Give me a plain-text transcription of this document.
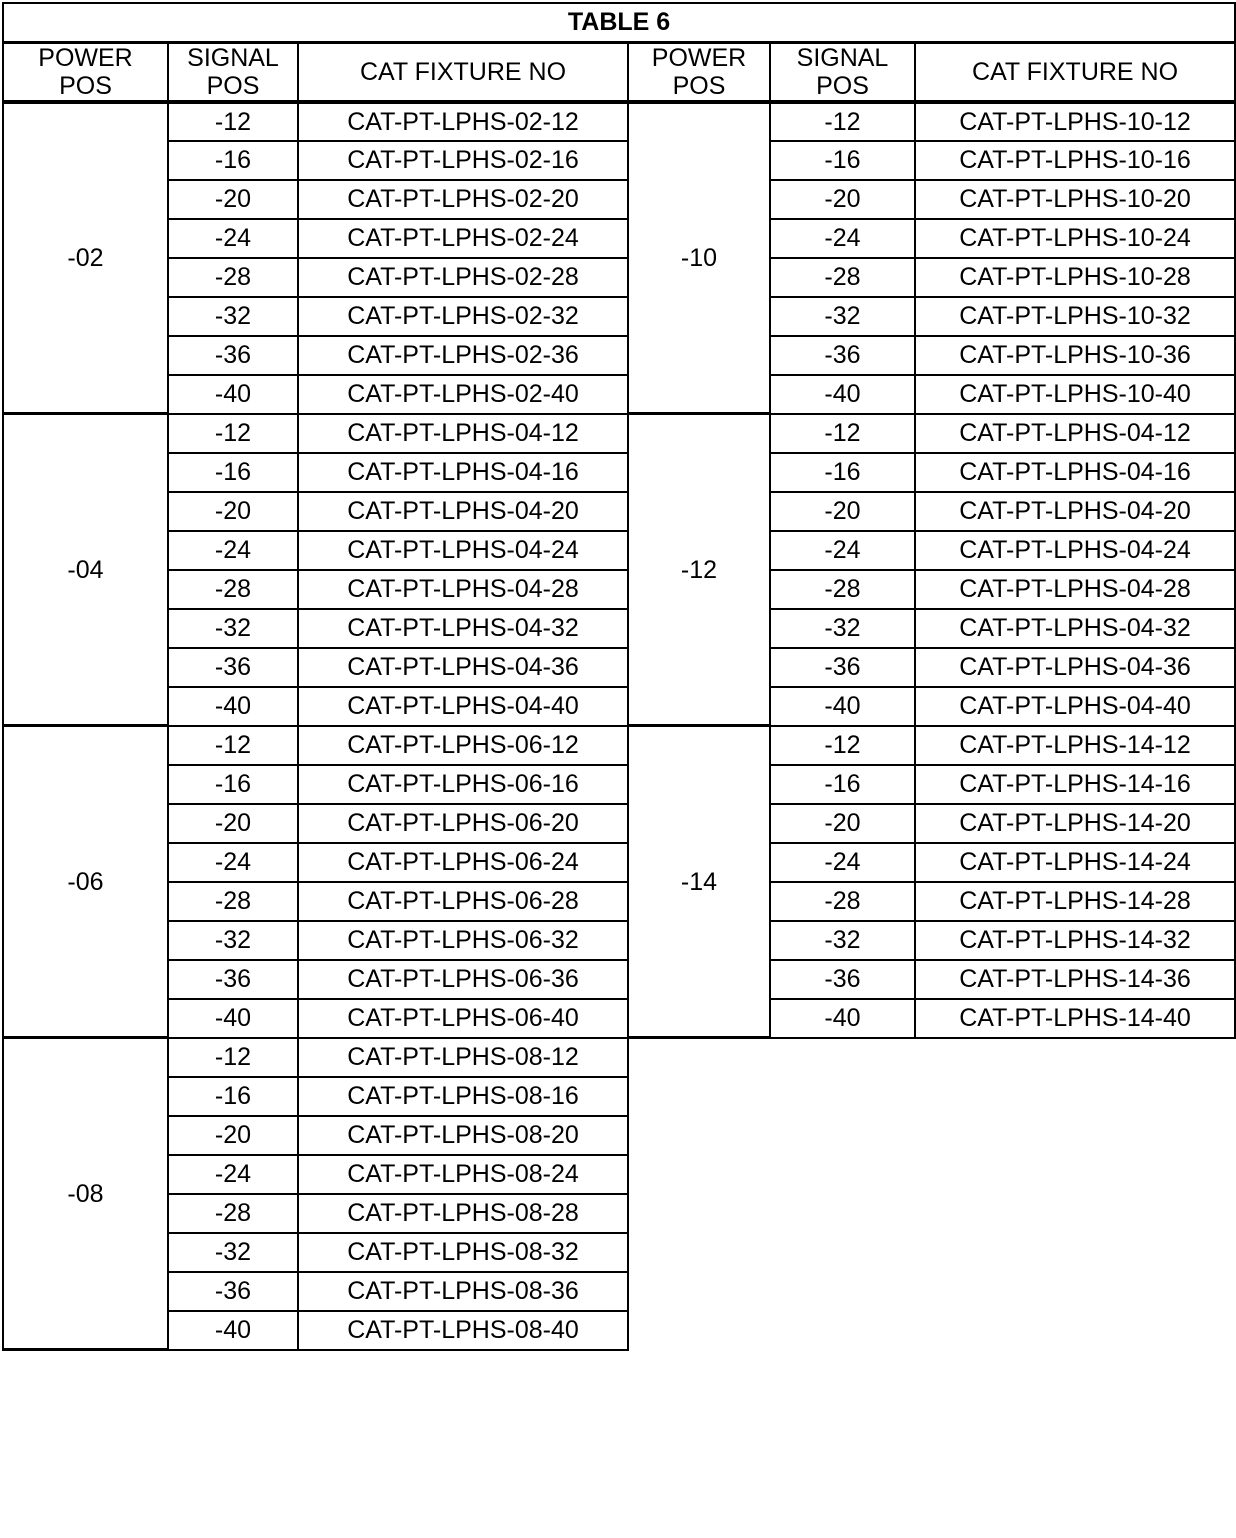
TABLE 6					

POWER
POS

SIGNAL
POS	CAT FIXTURE NO	POWER
POS

SIGNAL
POS	CAT FIXTURE NO
-02	-12	CAT-PT-LPHS-02-12	-10	-12	CAT-PT-LPHS-10-12
	-16	CAT-PT-LPHS-02-16		-16	CAT-PT-LPHS-10-16
	-20	CAT-PT-LPHS-02-20		-20	CAT-PT-LPHS-10-20
	-24	CAT-PT-LPHS-02-24		-24	CAT-PT-LPHS-10-24
	-28	CAT-PT-LPHS-02-28		-28	CAT-PT-LPHS-10-28
	-32	CAT-PT-LPHS-02-32		-32	CAT-PT-LPHS-10-32
	-36	CAT-PT-LPHS-02-36		-36	CAT-PT-LPHS-10-36
	-40	CAT-PT-LPHS-02-40		-40	CAT-PT-LPHS-10-40
-04	-12	CAT-PT-LPHS-04-12	-12	-12	CAT-PT-LPHS-04-12
	-16	CAT-PT-LPHS-04-16		-16	CAT-PT-LPHS-04-16
	-20	CAT-PT-LPHS-04-20		-20	CAT-PT-LPHS-04-20
	-24	CAT-PT-LPHS-04-24		-24	CAT-PT-LPHS-04-24
	-28	CAT-PT-LPHS-04-28		-28	CAT-PT-LPHS-04-28
	-32	CAT-PT-LPHS-04-32		-32	CAT-PT-LPHS-04-32
	-36	CAT-PT-LPHS-04-36		-36	CAT-PT-LPHS-04-36
	-40	CAT-PT-LPHS-04-40		-40	CAT-PT-LPHS-04-40
-06	-12	CAT-PT-LPHS-06-12	-14	-12	CAT-PT-LPHS-14-12
	-16	CAT-PT-LPHS-06-16		-16	CAT-PT-LPHS-14-16
	-20	CAT-PT-LPHS-06-20		-20	CAT-PT-LPHS-14-20
	-24	CAT-PT-LPHS-06-24		-24	CAT-PT-LPHS-14-24
	-28	CAT-PT-LPHS-06-28		-28	CAT-PT-LPHS-14-28
	-32	CAT-PT-LPHS-06-32		-32	CAT-PT-LPHS-14-32
	-36	CAT-PT-LPHS-06-36		-36	CAT-PT-LPHS-14-36
	-40	CAT-PT-LPHS-06-40		-40	CAT-PT-LPHS-14-40
-08	-12	CAT-PT-LPHS-08-12			
	-16	CAT-PT-LPHS-08-16			
	-20	CAT-PT-LPHS-08-20			
	-24	CAT-PT-LPHS-08-24			
	-28	CAT-PT-LPHS-08-28			
	-32	CAT-PT-LPHS-08-32			
	-36	CAT-PT-LPHS-08-36			
	-40	CAT-PT-LPHS-08-40			
